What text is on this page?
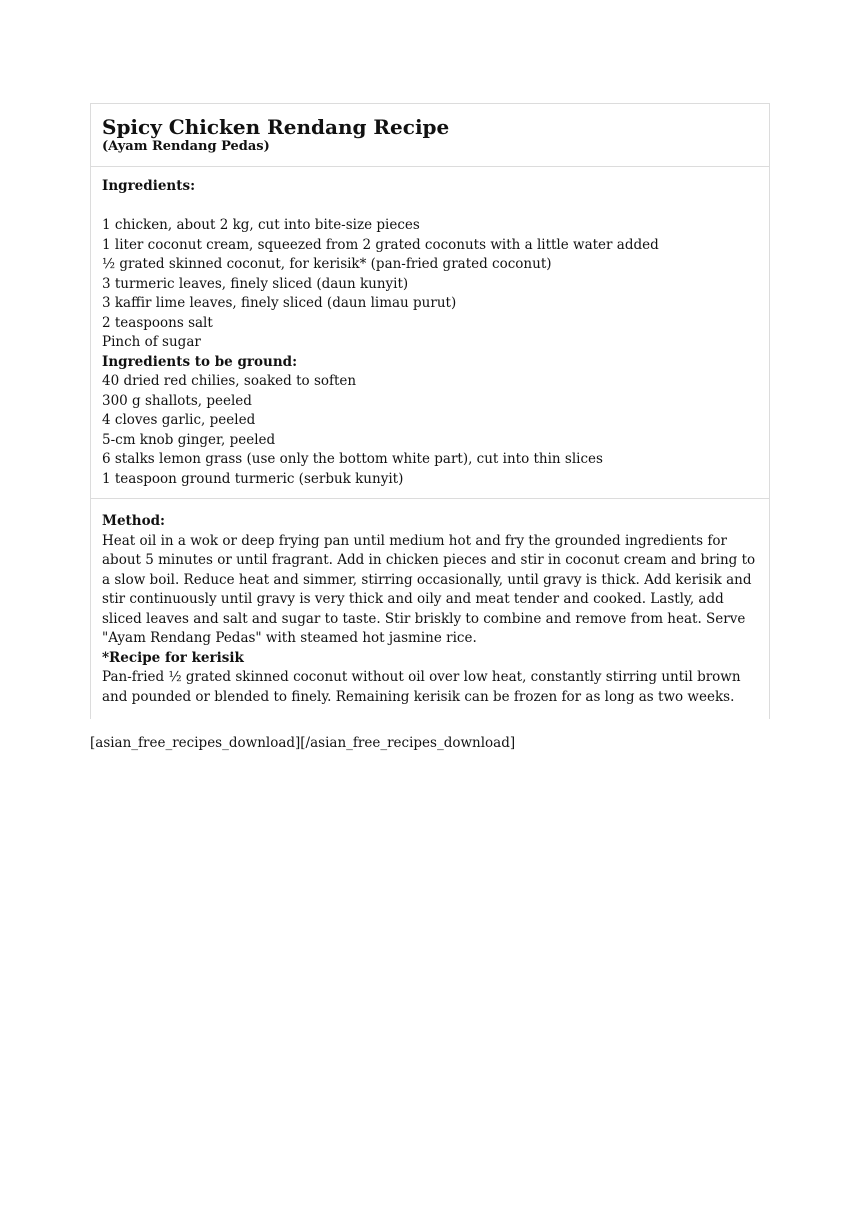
Spicy Chicken Rendang Recipe

(Ayam Rendang Pedas)

Ingredients:

1 chicken, about 2 kg, cut into bite-size pieces

1 liter coconut cream, squeezed from 2 grated coconuts with a little water added

½ grated skinned coconut, for kerisik* (pan-fried grated coconut)

3 turmeric leaves, finely sliced (daun kunyit)

3 kaffir lime leaves, finely sliced (daun limau purut)

2 teaspoons salt

Pinch of sugar

Ingredients to be ground:

40 dried red chilies, soaked to soften

300 g shallots, peeled

4 cloves garlic, peeled

5-cm knob ginger, peeled

6 stalks lemon grass (use only the bottom white part), cut into thin slices

1 teaspoon ground turmeric (serbuk kunyit)

Method:

Heat oil in a wok or deep frying pan until medium hot and fry the grounded ingredients for about 5 minutes or until fragrant. Add in chicken pieces and stir in coconut cream and bring to a slow boil. Reduce heat and simmer, stirring occasionally, until gravy is thick. Add kerisik and stir continuously until gravy is very thick and oily and meat tender and cooked. Lastly, add sliced leaves and salt and sugar to taste. Stir briskly to combine and remove from heat. Serve "Ayam Rendang Pedas" with steamed hot jasmine rice.

*Recipe for kerisik

Pan-fried ½ grated skinned coconut without oil over low heat, constantly stirring until brown and pounded or blended to finely. Remaining kerisik can be frozen for as long as two weeks.

[asian_free_recipes_download][/asian_free_recipes_download]
